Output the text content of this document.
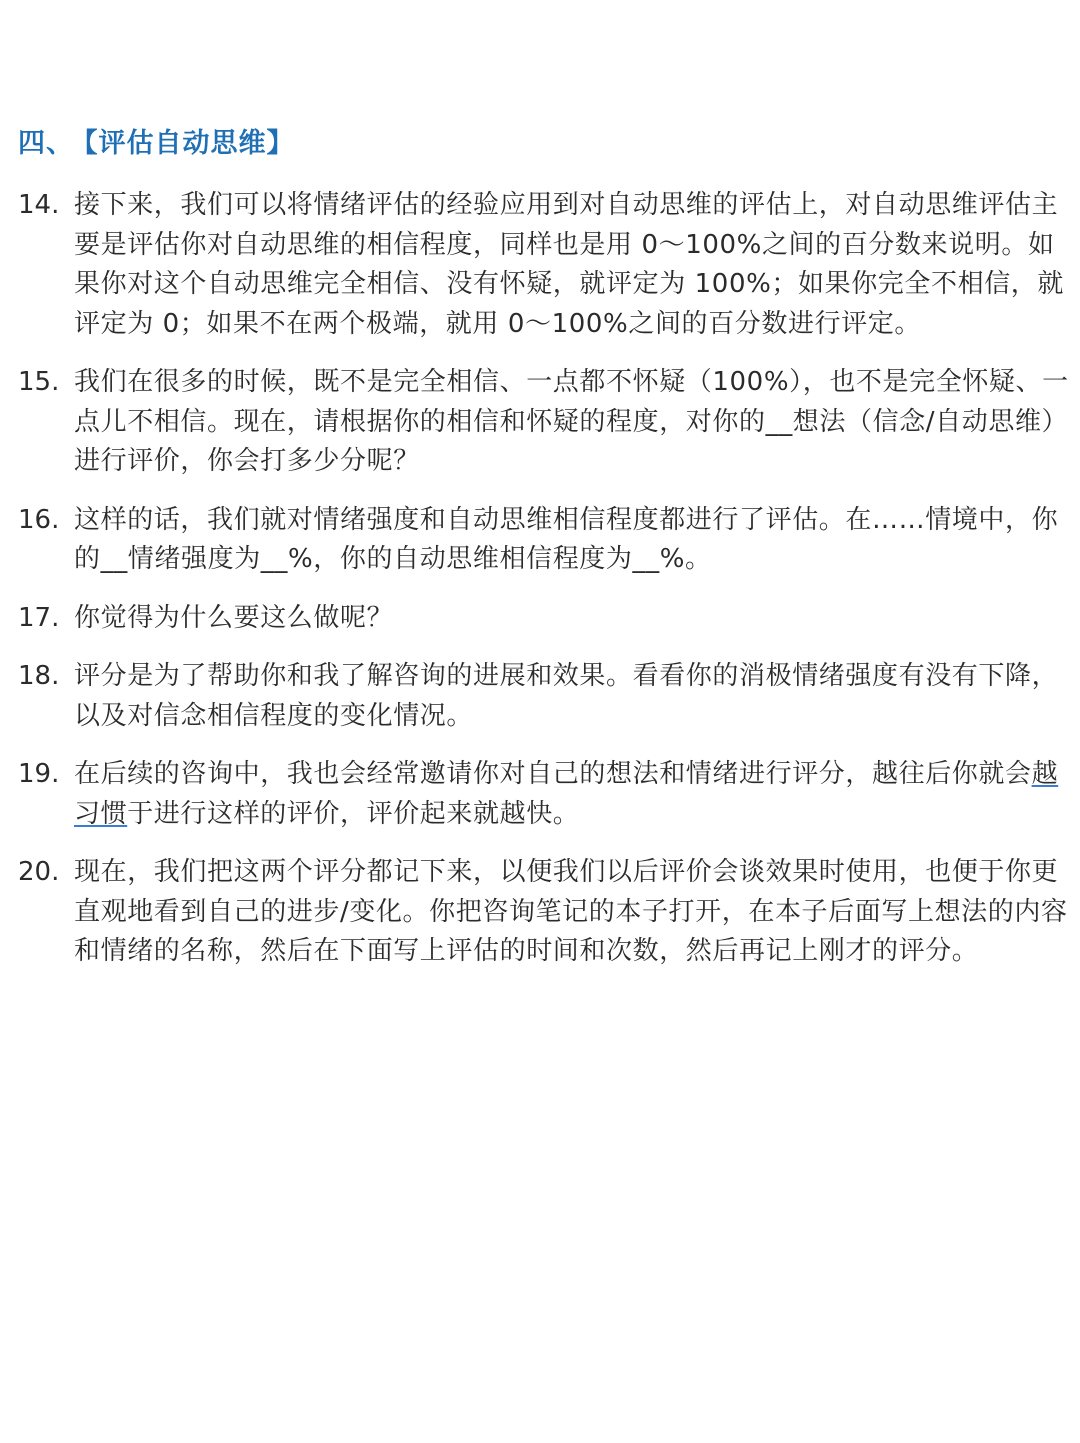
四、 【评估自动思维】
14. 接下来，我们可以将情绪评估的经验应用到对自动思维的评估上，对自动思维评估主要是评估你对自动思维的相信程度，同样也是用 0～100%之间的百分数来说明。如果你对这个自动思维完全相信、没有怀疑，就评定为 100%；如果你完全不相信，就评定为 0；如果不在两个极端，就用 0～100%之间的百分数进行评定。
15. 我们在很多的时候，既不是完全相信、一点都不怀疑（100%），也不是完全怀疑、一点儿不相信。现在，请根据你的相信和怀疑的程度，对你的__想法（信念/自动思维）进行评价，你会打多少分呢？
16. 这样的话，我们就对情绪强度和自动思维相信程度都进行了评估。在……情境中，你的__情绪强度为__%，你的自动思维相信程度为__%。
17. 你觉得为什么要这么做呢？
18. 评分是为了帮助你和我了解咨询的进展和效果。看看你的消极情绪强度有没有下降，以及对信念相信程度的变化情况。
19. 在后续的咨询中，我也会经常邀请你对自己的想法和情绪进行评分，越往后你就会越习惯于进行这样的评价，评价起来就越快。
20. 现在，我们把这两个评分都记下来，以便我们以后评价会谈效果时使用，也便于你更直观地看到自己的进步/变化。你把咨询笔记的本子打开，在本子后面写上想法的内容和情绪的名称，然后在下面写上评估的时间和次数，然后再记上刚才的评分。
